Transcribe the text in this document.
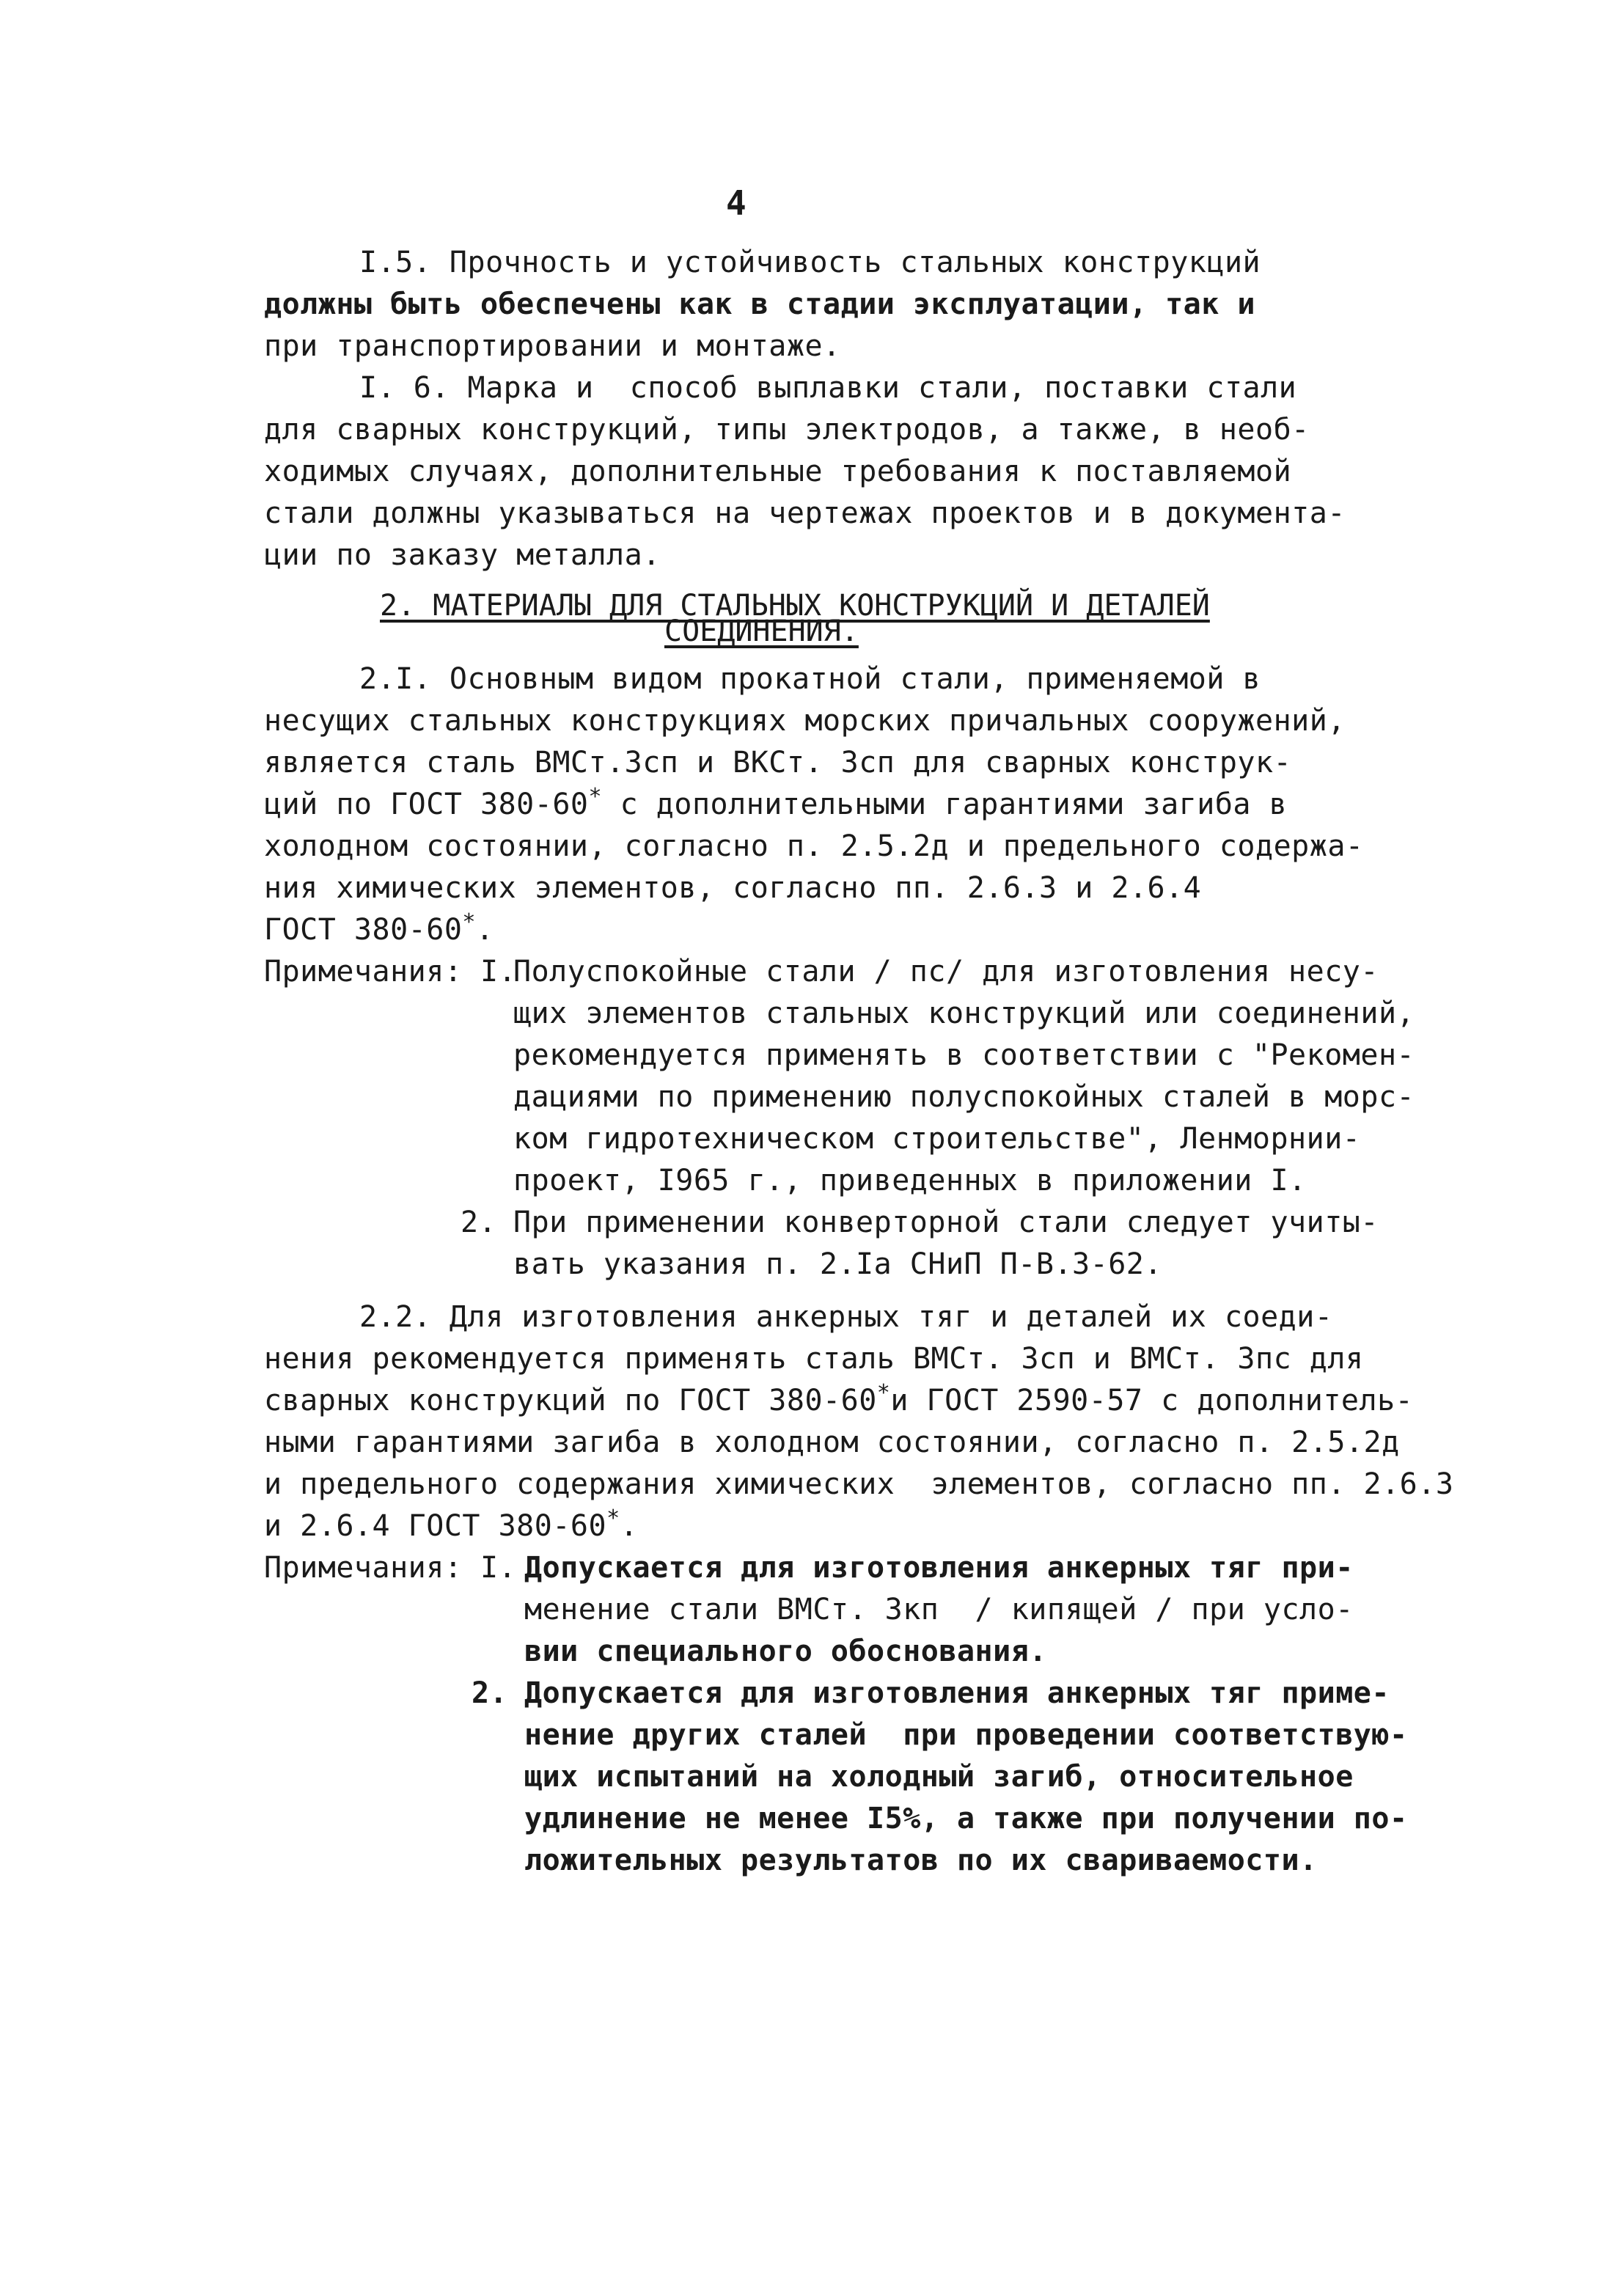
4
I.5. Прочность и устойчивость стальных конструкций
должны быть обеспечены как в стадии эксплуатации, так и
при транспортировании и монтаже.
I. 6. Марка и  способ выплавки стали, поставки стали
для сварных конструкций, типы электродов, а также, в необ-
ходимых случаях, дополнительные требования к поставляемой
стали должны указываться на чертежах проектов и в документа-
ции по заказу металла.
2. МАТЕРИАЛЫ ДЛЯ СТАЛЬНЫХ КОНСТРУКЦИЙ И ДЕТАЛЕЙ
СОЕДИНЕНИЯ.
2.I. Основным видом прокатной стали, применяемой в
несущих стальных конструкциях морских причальных сооружений,
является сталь ВМСт.3сп и ВКСт. 3сп для сварных конструк-
ций по ГОСТ 380-60* с дополнительными гарантиями загиба в
холодном состоянии, согласно п. 2.5.2д и предельного содержа-
ния химических элементов, согласно пп. 2.6.3 и 2.6.4
ГОСТ 380-60*.
Примечания: I.
Полуспокойные стали / пс/ для изготовления несу-
щих элементов стальных конструкций или соединений,
рекомендуется применять в соответствии с "Рекомен-
дациями по применению полуспокойных сталей в морс-
ком гидротехническом строительстве", Ленморнии-
проект, I965 г., приведенных в приложении I.
2. При применении конверторной стали следует учиты-
вать указания п. 2.Iа СНиП П-В.3-62.
2.2. Для изготовления анкерных тяг и деталей их соеди-
нения рекомендуется применять сталь ВМСт. 3сп и ВМСт. 3пс для
сварных конструкций по ГОСТ 380-60*и ГОСТ 2590-57 с дополнитель-
ными гарантиями загиба в холодном состоянии, согласно п. 2.5.2д
и предельного содержания химических  элементов, согласно пп. 2.6.3
и 2.6.4 ГОСТ 380-60*.
Примечания: I. Допускается для изготовления анкерных тяг при-
менение стали ВМСт. 3кп  / кипящей / при усло-
вии специального обоснования.
2. Допускается для изготовления анкерных тяг приме-
нение других сталей  при проведении соответствую-
щих испытаний на холодный загиб, относительное
удлинение не менее I5%, а также при получении по-
ложительных результатов по их свариваемости.
